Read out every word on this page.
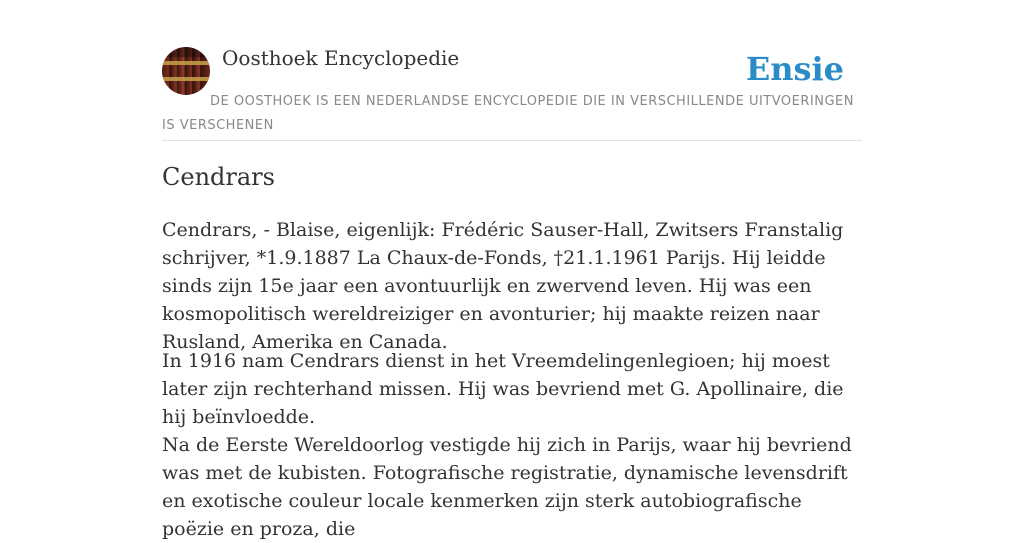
Oosthoek Encyclopedie	Ensie
DE OOSTHOEK IS EEN NEDERLANDSE ENCYCLOPEDIE DIE IN VERSCHILLENDE UITVOERINGEN IS VERSCHENEN
Cendrars

Cendrars, - Blaise, eigenlijk: Frédéric Sauser-Hall, Zwitsers Franstalig schrijver, *1.9.1887 La Chaux-de-Fonds, †21.1.1961 Parijs. Hij leidde sinds zijn 15e jaar een avontuurlijk en zwervend leven. Hij was een kosmopolitisch wereldreiziger en avonturier; hij maakte reizen naar Rusland, Amerika en Canada.

In 1916 nam Cendrars dienst in het Vreemdelingenlegioen; hij moest later zijn rechterhand missen. Hij was bevriend met G. Apollinaire, die hij beïnvloedde.

Na de Eerste Wereldoorlog vestigde hij zich in Parijs, waar hij bevriend was met de kubisten. Fotografische registratie, dynamische levensdrift en exotische couleur locale kenmerken zijn sterk autobiografische poëzie en proza, die
